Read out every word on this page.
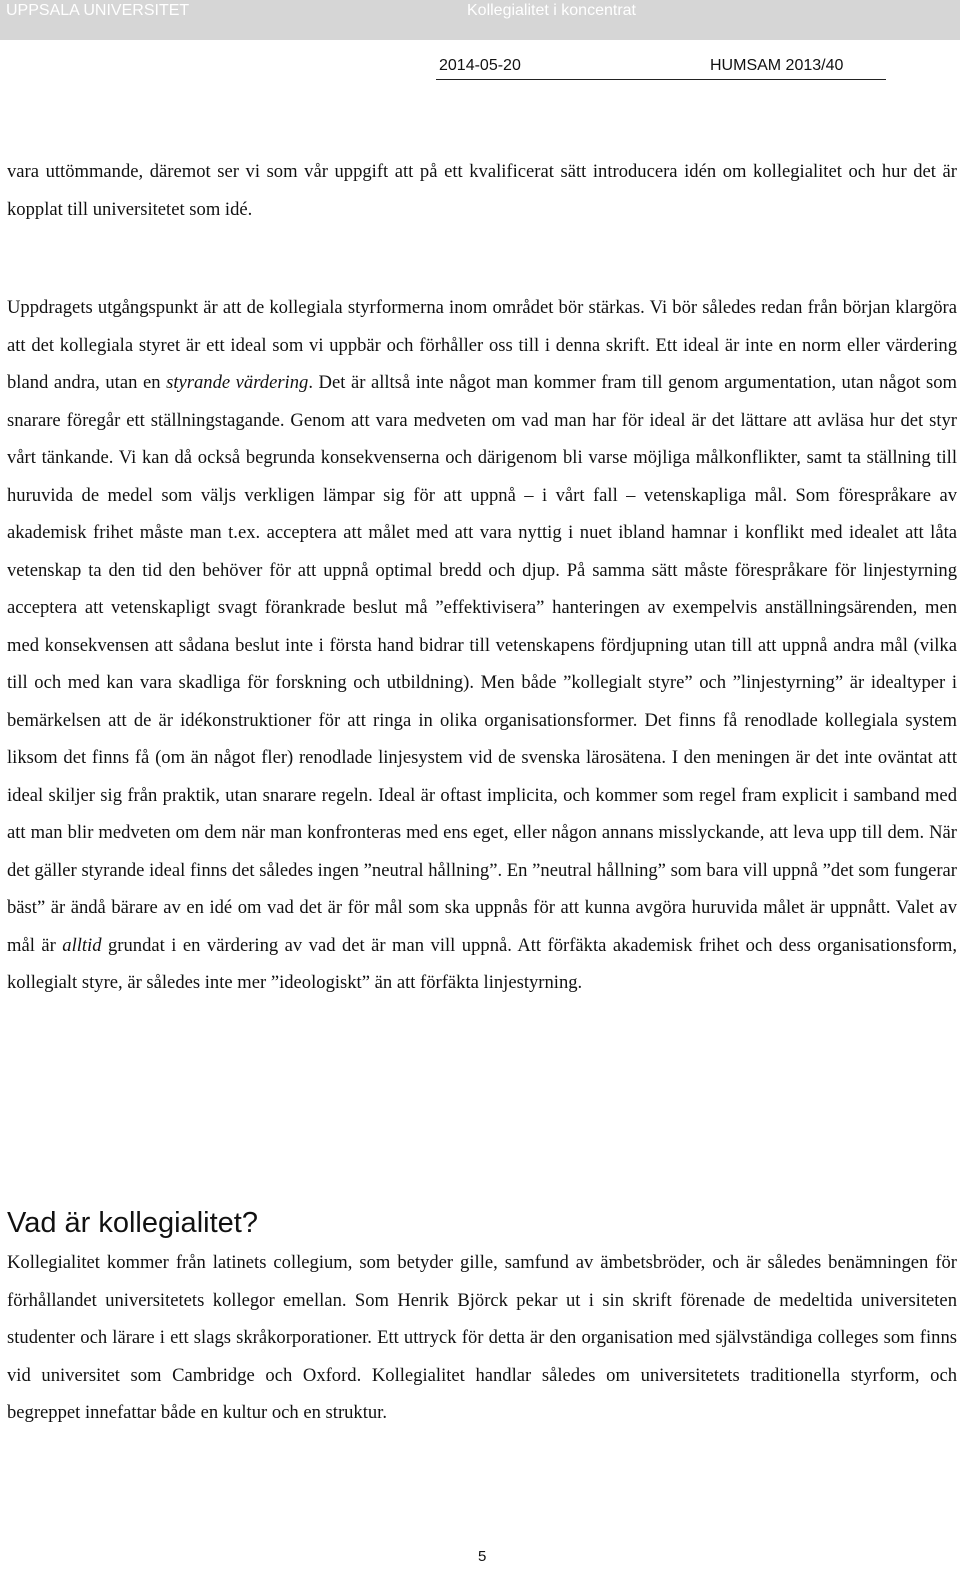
UPPSALA UNIVERSITET	Kollegialitet i koncentrat
2014-05-20	HUMSAM 2013/40

vara uttömmande, däremot ser vi som vår uppgift att på ett kvalificerat sätt introducera idén om kollegialitet och hur det är kopplat till universitetet som idé.

Uppdragets utgångspunkt är att de kollegiala styrformerna inom området bör stärkas. Vi bör således redan från början klargöra att det kollegiala styret är ett ideal som vi uppbär och förhåller oss till i denna skrift. Ett ideal är inte en norm eller värdering bland andra, utan en styrande värdering. Det är alltså inte något man kommer fram till genom argumentation, utan något som snarare föregår ett ställningstagande. Genom att vara medveten om vad man har för ideal är det lättare att avläsa hur det styr vårt tänkande. Vi kan då också begrunda konsekvenserna och därigenom bli varse möjliga målkonflikter, samt ta ställning till huruvida de medel som väljs verkligen lämpar sig för att uppnå – i vårt fall – vetenskapliga mål. Som förespråkare av akademisk frihet måste man t.ex. acceptera att målet med att vara nyttig i nuet ibland hamnar i konflikt med idealet att låta vetenskap ta den tid den behöver för att uppnå optimal bredd och djup. På samma sätt måste förespråkare för linjestyrning acceptera att vetenskapligt svagt förankrade beslut må ”effektivisera” hanteringen av exempelvis anställningsärenden, men med konsekvensen att sådana beslut inte i första hand bidrar till vetenskapens fördjupning utan till att uppnå andra mål (vilka till och med kan vara skadliga för forskning och utbildning). Men både ”kollegialt styre” och ”linjestyrning” är idealtyper i bemärkelsen att de är idékonstruktioner för att ringa in olika organisationsformer. Det finns få renodlade kollegiala system liksom det finns få (om än något fler) renodlade linjesystem vid de svenska lärosätena. I den meningen är det inte oväntat att ideal skiljer sig från praktik, utan snarare regeln. Ideal är oftast implicita, och kommer som regel fram explicit i samband med att man blir medveten om dem när man konfronteras med ens eget, eller någon annans misslyckande, att leva upp till dem. När det gäller styrande ideal finns det således ingen ”neutral hållning”. En ”neutral hållning” som bara vill uppnå ”det som fungerar bäst” är ändå bärare av en idé om vad det är för mål som ska uppnås för att kunna avgöra huruvida målet är uppnått. Valet av mål är alltid grundat i en värdering av vad det är man vill uppnå. Att förfäkta akademisk frihet och dess organisationsform, kollegialt styre, är således inte mer ”ideologiskt” än att förfäkta linjestyrning.

Vad är kollegialitet?

Kollegialitet kommer från latinets collegium, som betyder gille, samfund av ämbetsbröder, och är således benämningen för förhållandet universitetets kollegor emellan. Som Henrik Björck pekar ut i sin skrift förenade de medeltida universiteten studenter och lärare i ett slags skråkorporationer. Ett uttryck för detta är den organisation med självständiga colleges som finns vid universitet som Cambridge och Oxford. Kollegialitet handlar således om universitetets traditionella styrform, och begreppet innefattar både en kultur och en struktur.

5
